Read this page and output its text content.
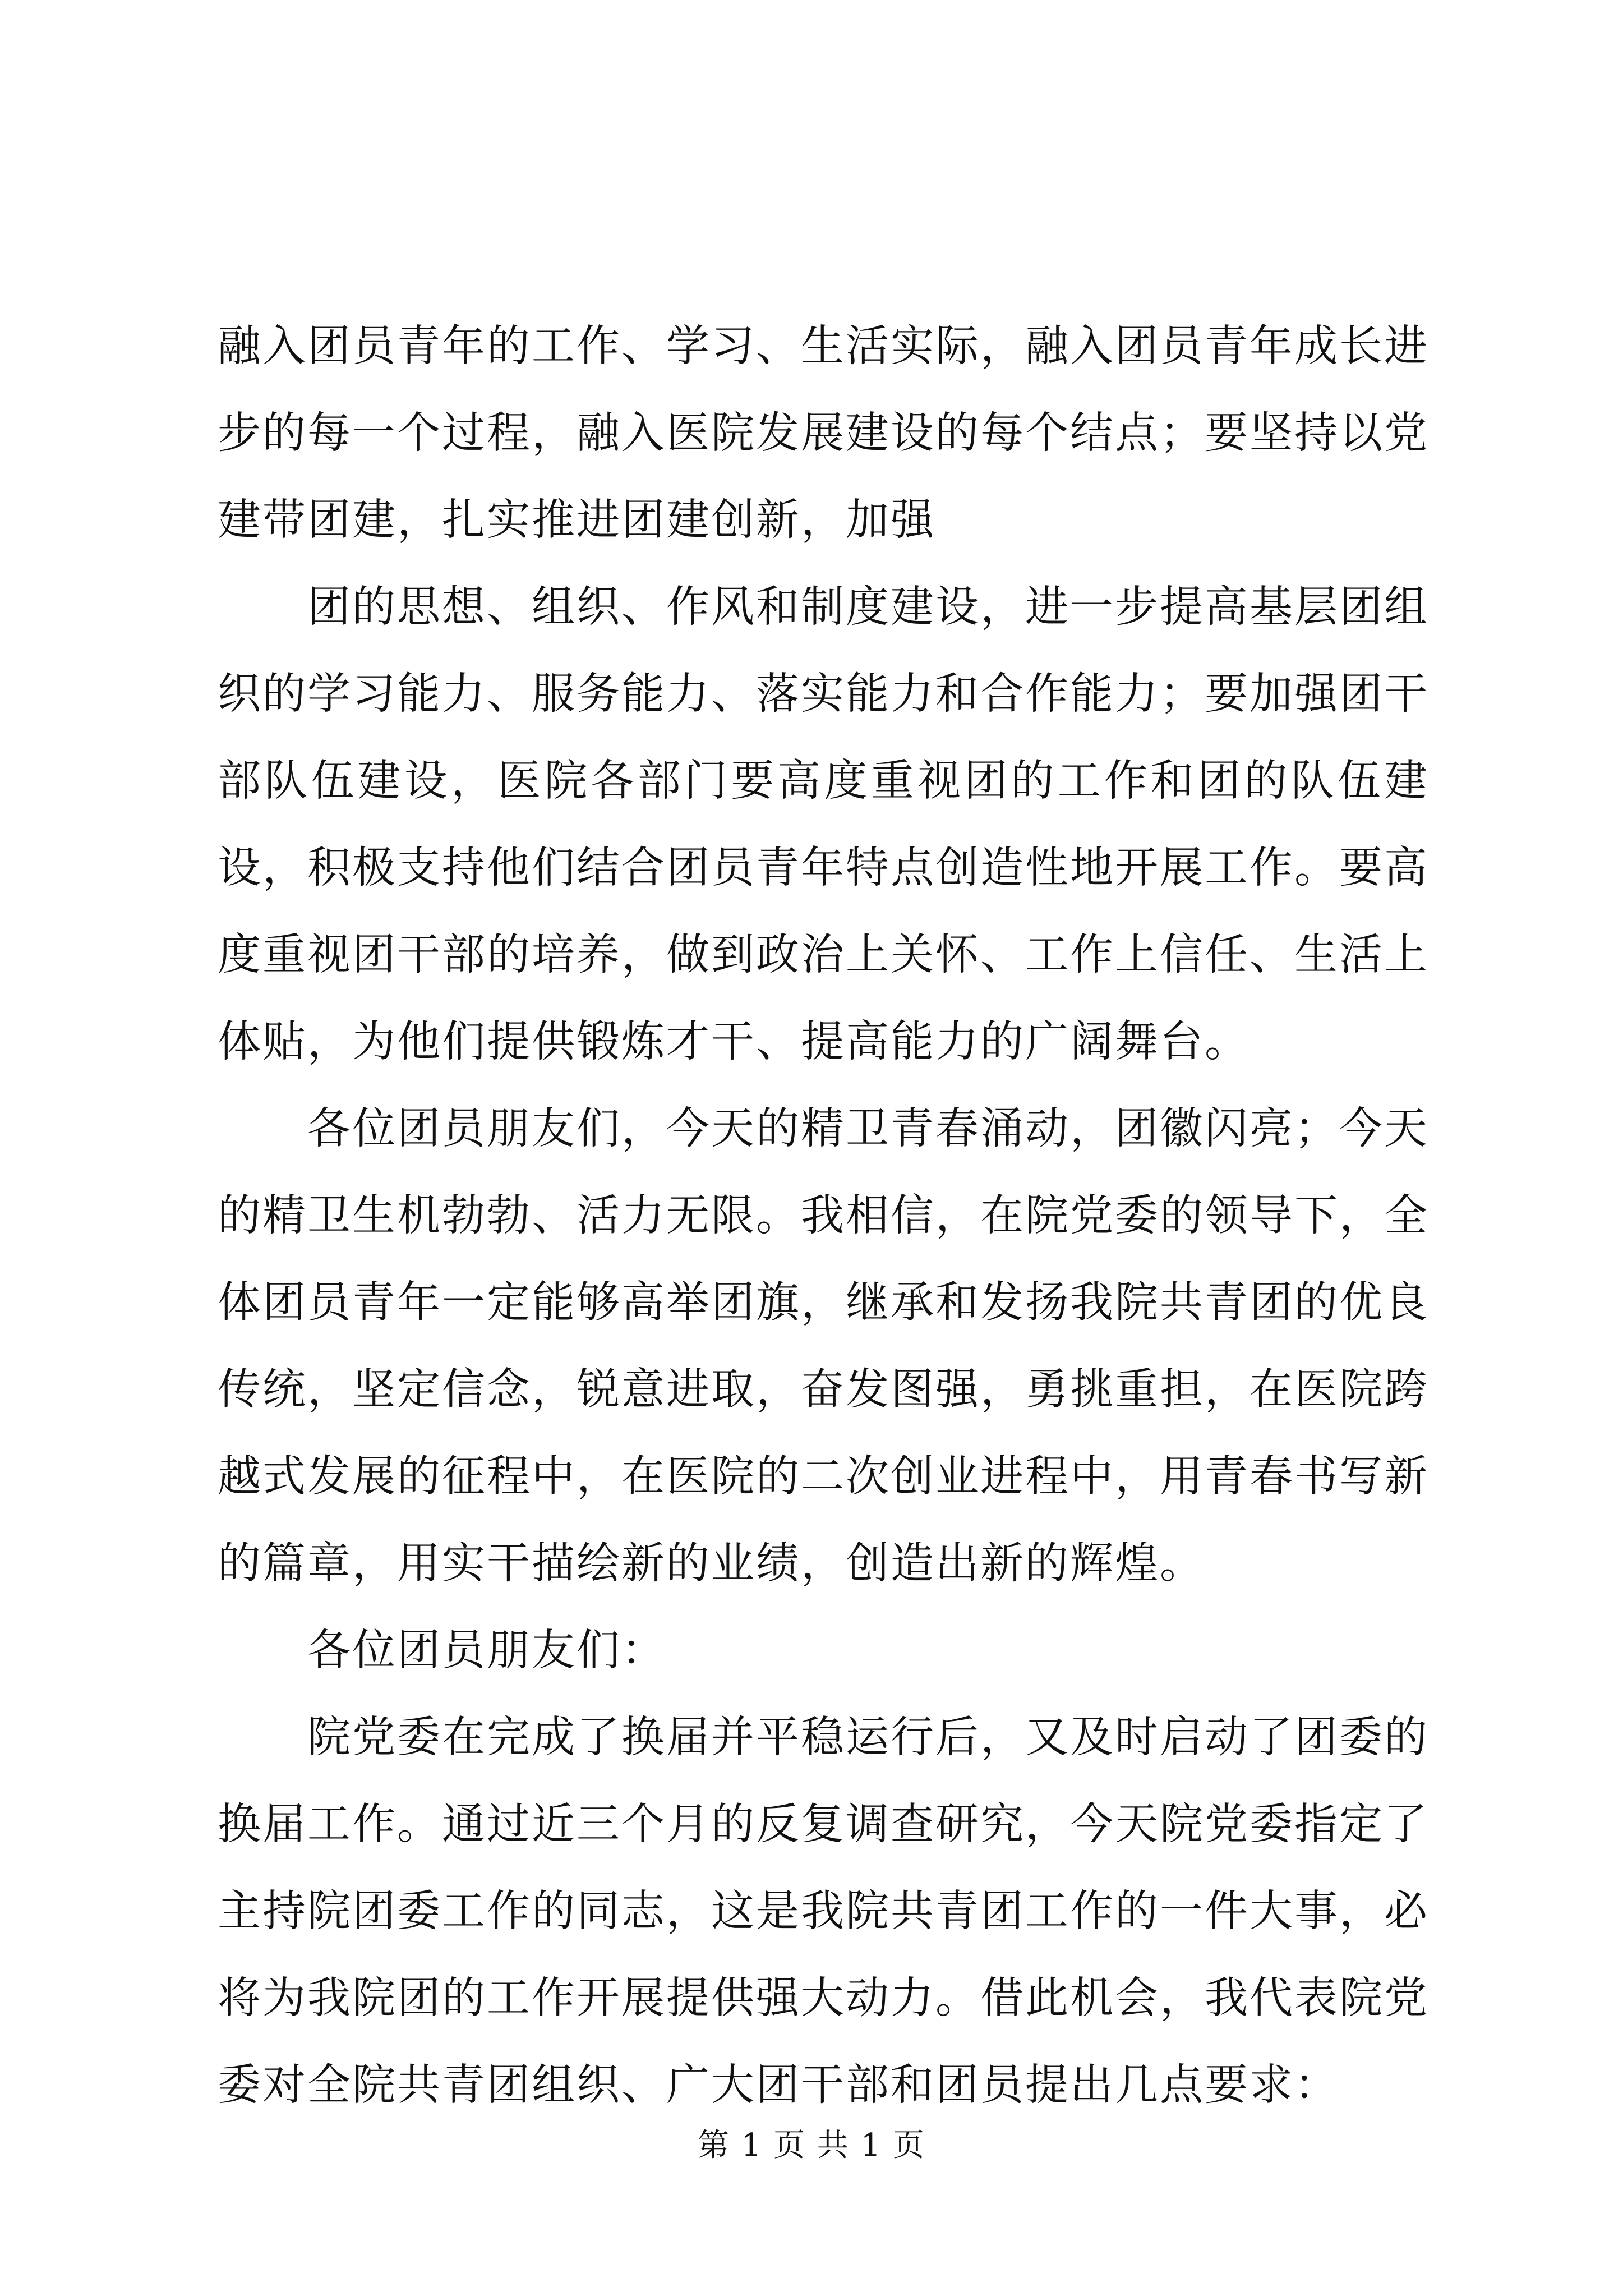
融入团员青年的工作、学习、生活实际，融入团员青年成长进步的每一个过程，融入医院发展建设的每个结点；要坚持以党建带团建，扎实推进团建创新，加强

团的思想、组织、作风和制度建设，进一步提高基层团组织的学习能力、服务能力、落实能力和合作能力；要加强团干部队伍建设，医院各部门要高度重视团的工作和团的队伍建设，积极支持他们结合团员青年特点创造性地开展工作。要高度重视团干部的培养，做到政治上关怀、工作上信任、生活上体贴，为他们提供锻炼才干、提高能力的广阔舞台。

各位团员朋友们，今天的精卫青春涌动，团徽闪亮；今天的精卫生机勃勃、活力无限。我相信，在院党委的领导下，全体团员青年一定能够高举团旗，继承和发扬我院共青团的优良传统，坚定信念，锐意进取，奋发图强，勇挑重担，在医院跨越式发展的征程中，在医院的二次创业进程中，用青春书写新的篇章，用实干描绘新的业绩，创造出新的辉煌。

各位团员朋友们：

院党委在完成了换届并平稳运行后，又及时启动了团委的换届工作。通过近三个月的反复调查研究，今天院党委指定了主持院团委工作的同志，这是我院共青团工作的一件大事，必将为我院团的工作开展提供强大动力。借此机会，我代表院党委对全院共青团组织、广大团干部和团员提出几点要求：

第 1 页 共 1 页
